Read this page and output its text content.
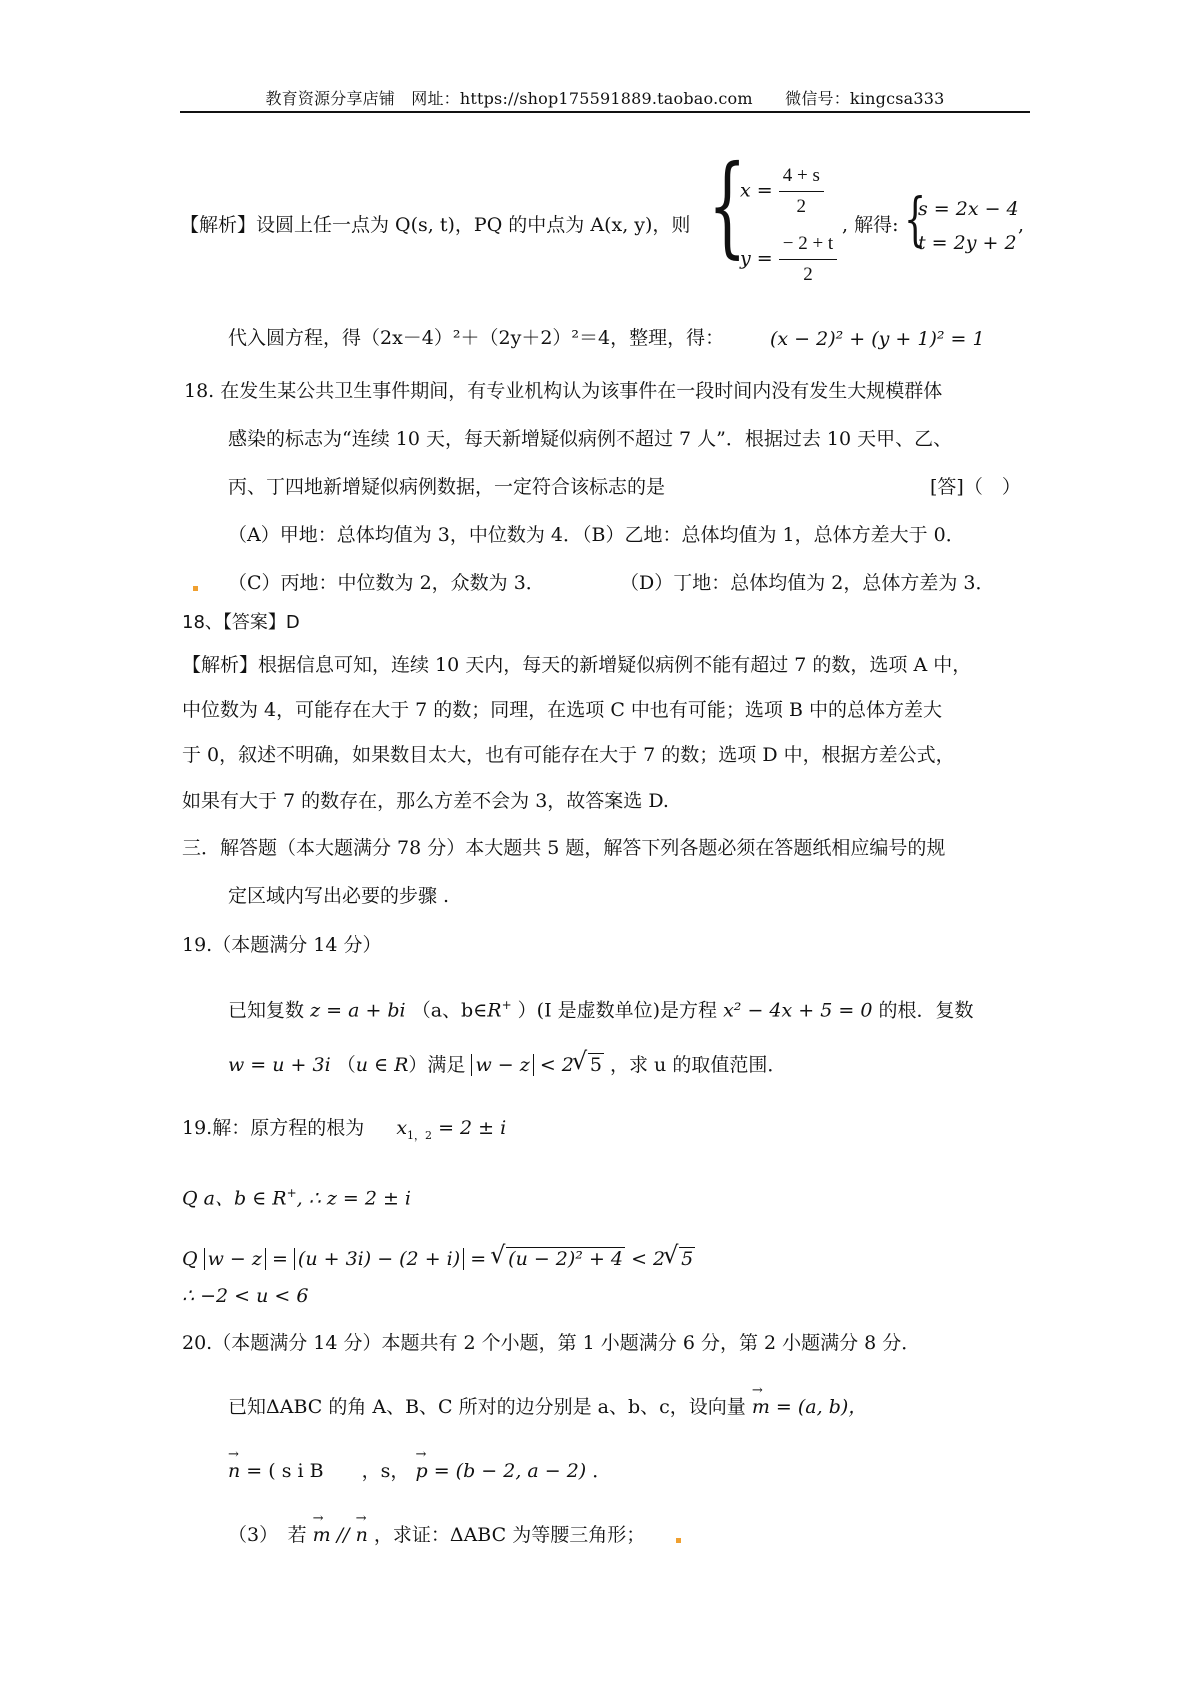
教育资源分享店铺　网址：https://shop175591889.taobao.com　　微信号：kingcsa333
【解析】设圆上任一点为 Q(s, t)，PQ 的中点为 A(x, y)，则 {
$x = \frac{4 + s}{2}$
$y = \frac{- 2 + t}{2}$
, 解得: {
s = 2x − 4
t = 2y + 2
,
代入圆方程，得（2x－4）²＋（2y＋2）²＝4，整理，得： (x − 2)² + (y + 1)² = 1
18. 在发生某公共卫生事件期间，有专业机构认为该事件在一段时间内没有发生大规模群体
感染的标志为“连续 10 天，每天新增疑似病例不超过 7 人”．根据过去 10 天甲、乙、
丙、丁四地新增疑似病例数据，一定符合该标志的是	[答]（　）
（A）甲地：总体均值为 3，中位数为 4．（B）乙地：总体均值为 1，总体方差大于 0．
（C）丙地：中位数为 2，众数为 3．	（D）丁地：总体均值为 2，总体方差为 3．
18、【答案】D
【解析】根据信息可知，连续 10 天内，每天的新增疑似病例不能有超过 7 的数，选项 A 中，
中位数为 4，可能存在大于 7 的数；同理，在选项 C 中也有可能；选项 B 中的总体方差大
于 0，叙述不明确，如果数目太大，也有可能存在大于 7 的数；选项 D 中，根据方差公式，
如果有大于 7 的数存在，那么方差不会为 3，故答案选 D.
三．解答题（本大题满分 78 分）本大题共 5 题，解答下列各题必须在答题纸相应编号的规
定区域内写出必要的步骤 .
19.（本题满分 14 分）
已知复数 z = a + bi （a、b∈R+ ）(I 是虚数单位)是方程 x² − 4x + 5 = 0 的根．复数
w = u + 3i （u ∈ R）满足 w − z < 2 √ 5 ，求 u 的取值范围．
19.解：原方程的根为 $x_{1,2} = 2 \pm i$
Q a、b ∈ R+, ∴ z = 2 ± i
Q w − z = (u + 3i) − (2 + i) = √ (u − 2)² + 4 < 2 √ 5
∴ −2 < u < 6
20.（本题满分 14 分）本题共有 2 个小题，第 1 小题满分 6 分，第 2 小题满分 8 分．
已知ΔABC 的角 A、B、C 所对的边分别是 a、b、c，设向量 → m = (a, b)，
→ n = ( s i B ，s， → p = (b − 2, a − 2) ．
（3）　若 → m // → n ，求证：ΔABC 为等腰三角形；
